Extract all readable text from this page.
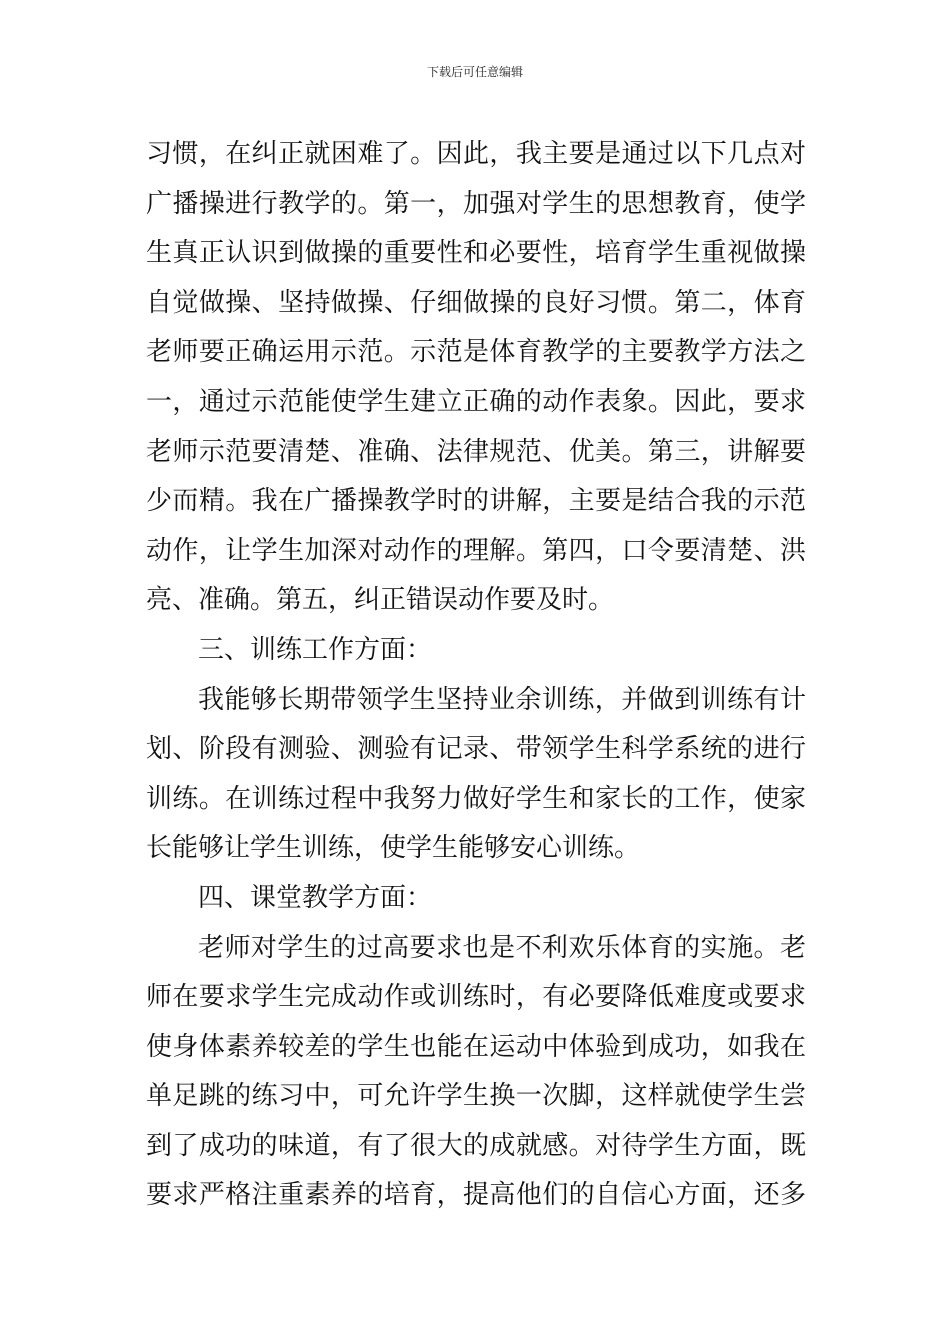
下载后可任意编辑
习惯，在纠正就困难了。因此，我主要是通过以下几点对
广播操进行教学的。第一，加强对学生的思想教育，使学
生真正认识到做操的重要性和必要性，培育学生重视做操
自觉做操、坚持做操、仔细做操的良好习惯。第二，体育
老师要正确运用示范。示范是体育教学的主要教学方法之
一，通过示范能使学生建立正确的动作表象。因此，要求
老师示范要清楚、准确、法律规范、优美。第三，讲解要
少而精。我在广播操教学时的讲解，主要是结合我的示范
动作，让学生加深对动作的理解。第四，口令要清楚、洪
亮、准确。第五，纠正错误动作要及时。
三、训练工作方面：
我能够长期带领学生坚持业余训练，并做到训练有计
划、阶段有测验、测验有记录、带领学生科学系统的进行
训练。在训练过程中我努力做好学生和家长的工作，使家
长能够让学生训练，使学生能够安心训练。
四、课堂教学方面：
老师对学生的过高要求也是不利欢乐体育的实施。老
师在要求学生完成动作或训练时，有必要降低难度或要求
使身体素养较差的学生也能在运动中体验到成功，如我在
单足跳的练习中，可允许学生换一次脚，这样就使学生尝
到了成功的味道，有了很大的成就感。对待学生方面，既
要求严格注重素养的培育，提高他们的自信心方面，还多
